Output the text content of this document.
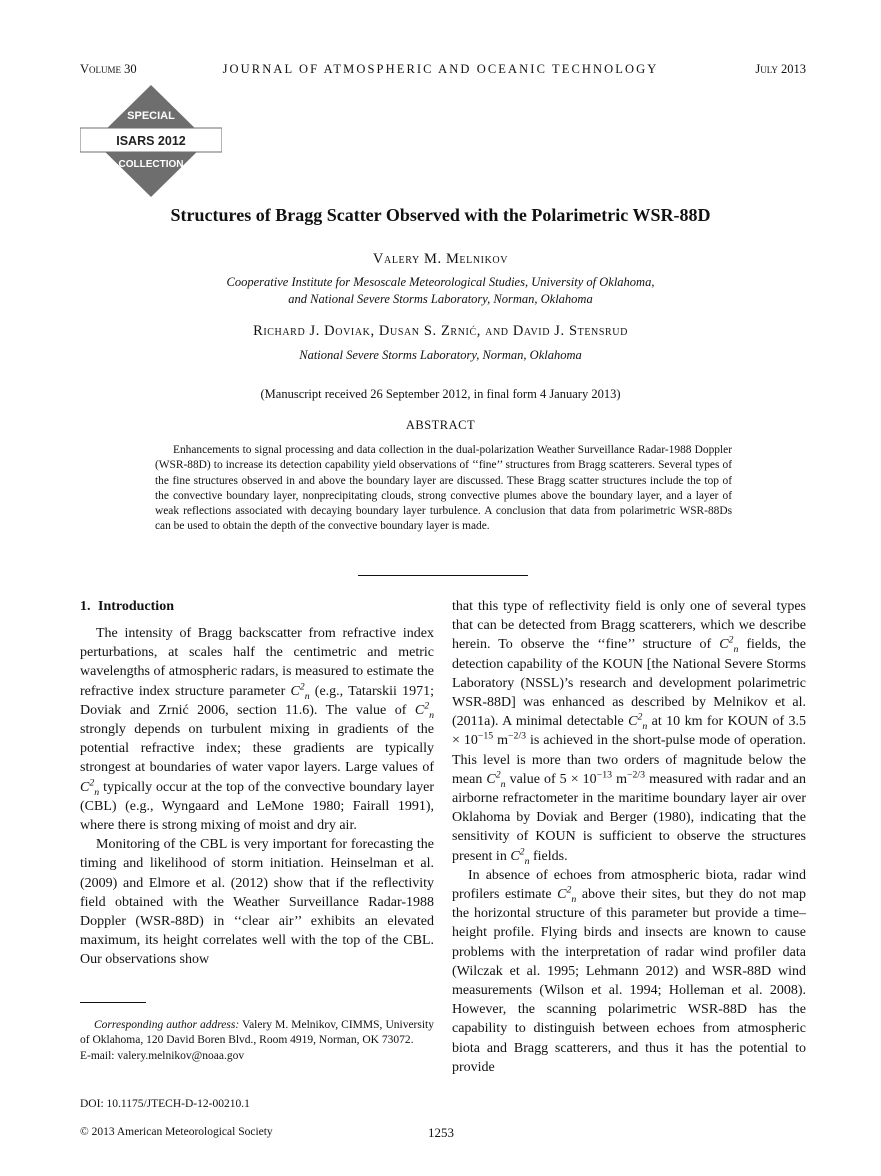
Volume 30	JOURNAL OF ATMOSPHERIC AND OCEANIC TECHNOLOGY	July 2013
SPECIAL
ISARS 2012
COLLECTION
Structures of Bragg Scatter Observed with the Polarimetric WSR-88D
Valery M. Melnikov
Cooperative Institute for Mesoscale Meteorological Studies, University of Oklahoma,
and National Severe Storms Laboratory, Norman, Oklahoma
Richard J. Doviak, Dusan S. Zrnić, and David J. Stensrud
National Severe Storms Laboratory, Norman, Oklahoma
(Manuscript received 26 September 2012, in final form 4 January 2013)
ABSTRACT
Enhancements to signal processing and data collection in the dual-polarization Weather Surveillance Radar-1988 Doppler (WSR-88D) to increase its detection capability yield observations of ‘‘fine’’ structures from Bragg scatterers. Several types of the fine structures observed in and above the boundary layer are discussed. These Bragg scatter structures include the top of the convective boundary layer, nonprecipitating clouds, strong convective plumes above the boundary layer, and a layer of weak reflections associated with decaying boundary layer turbulence. A conclusion that data from polarimetric WSR-88Ds can be used to obtain the depth of the convective boundary layer is made.
1. Introduction

The intensity of Bragg backscatter from refractive index perturbations, at scales half the centimetric and metric wavelengths of atmospheric radars, is measured to estimate the refractive index structure parameter $C^2_n$ (e.g., Tatarskii 1971; Doviak and Zrnić 2006, section 11.6). The value of $C^2_n$ strongly depends on turbulent mixing in gradients of the potential refractive index; these gradients are typically strongest at boundaries of water vapor layers. Large values of $C^2_n$ typically occur at the top of the convective boundary layer (CBL) (e.g., Wyngaard and LeMone 1980; Fairall 1991), where there is strong mixing of moist and dry air.

Monitoring of the CBL is very important for forecasting the timing and likelihood of storm initiation. Heinselman et al. (2009) and Elmore et al. (2012) show that if the reflectivity field obtained with the Weather Surveillance Radar-1988 Doppler (WSR-88D) in ‘‘clear air’’ exhibits an elevated maximum, its height correlates well with the top of the CBL. Our observations show

that this type of reflectivity field is only one of several types that can be detected from Bragg scatterers, which we describe herein. To observe the ‘‘fine’’ structure of $C^2_n$ fields, the detection capability of the KOUN [the National Severe Storms Laboratory (NSSL)’s research and development polarimetric WSR-88D] was enhanced as described by Melnikov et al. (2011a). A minimal detectable $C^2_n$ at 10 km for KOUN of $3.5 \times 10^{-15}$ $m^{-2/3}$ is achieved in the short-pulse mode of operation. This level is more than two orders of magnitude below the mean $C^2_n$ value of $5 \times 10^{-13}$ $m^{-2/3}$ measured with radar and an airborne refractometer in the maritime boundary layer air over Oklahoma by Doviak and Berger (1980), indicating that the sensitivity of KOUN is sufficient to observe the structures present in $C^2_n$ fields.

In absence of echoes from atmospheric biota, radar wind profilers estimate $C^2_n$ above their sites, but they do not map the horizontal structure of this parameter but provide a time–height profile. Flying birds and insects are known to cause problems with the interpretation of radar wind profiler data (Wilczak et al. 1995; Lehmann 2012) and WSR-88D wind measurements (Wilson et al. 1994; Holleman et al. 2008). However, the scanning polarimetric WSR-88D has the capability to distinguish between echoes from atmospheric biota and Bragg scatterers, and thus it has the potential to provide

Corresponding author address: Valery M. Melnikov, CIMMS, University of Oklahoma, 120 David Boren Blvd., Room 4919, Norman, OK 73072.
E-mail: valery.melnikov@noaa.gov
DOI: 10.1175/JTECH-D-12-00210.1
© 2013 American Meteorological Society	1253
